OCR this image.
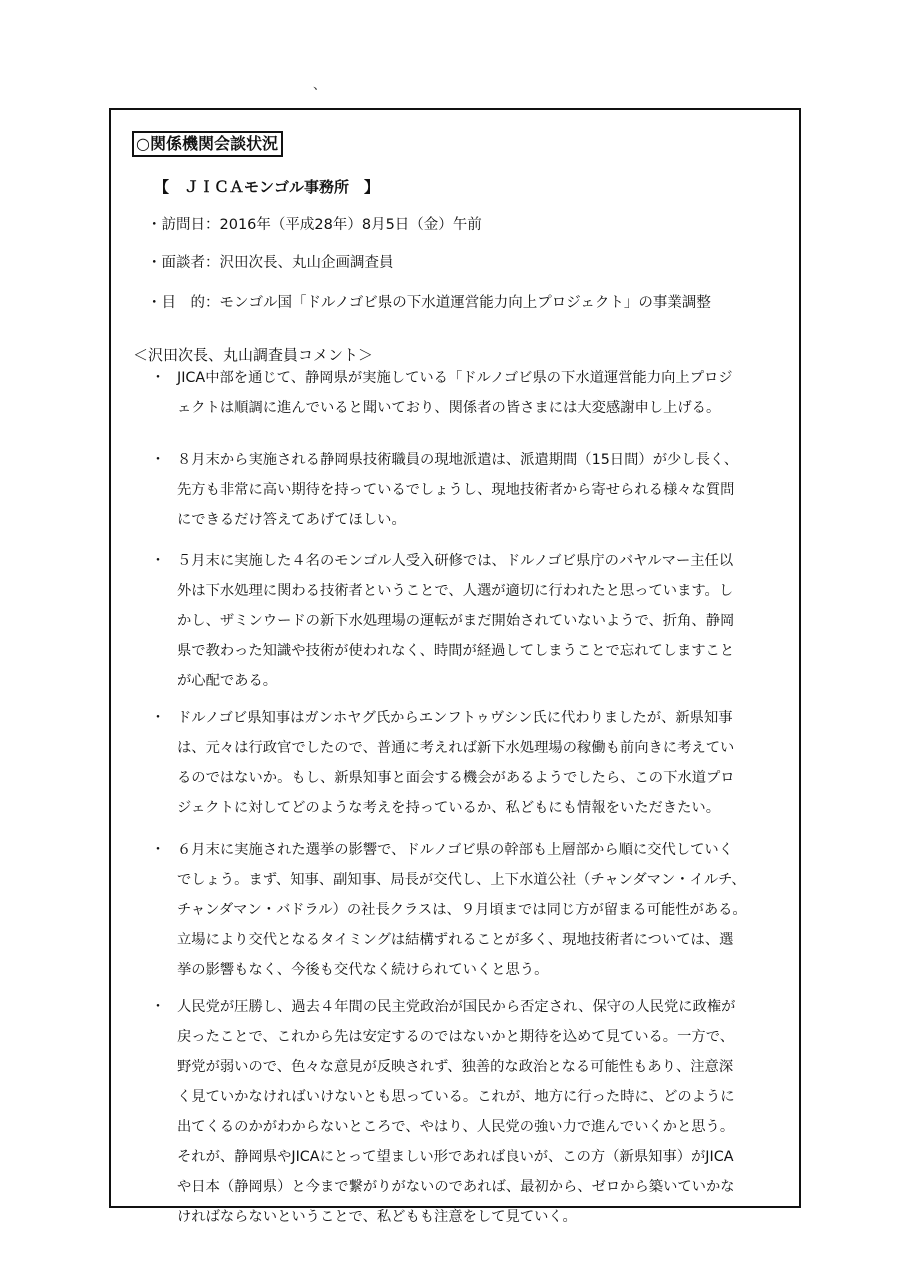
、
○関係機関会談状況
【　ＪＩＣＡモンゴル事務所　】
・訪問日：2016年（平成28年）8月5日（金）午前
・面談者：沢田次長、丸山企画調査員
・目　的：モンゴル国「ドルノゴビ県の下水道運営能力向上プロジェクト」の事業調整
＜沢田次長、丸山調査員コメント＞
・ JICA中部を通じて、静岡県が実施している「ドルノゴビ県の下水道運営能力向上プロジ
ェクトは順調に進んでいると聞いており、関係者の皆さまには大変感謝申し上げる。
・ ８月末から実施される静岡県技術職員の現地派遣は、派遣期間（15日間）が少し長く、
先方も非常に高い期待を持っているでしょうし、現地技術者から寄せられる様々な質問
にできるだけ答えてあげてほしい。
・ ５月末に実施した４名のモンゴル人受入研修では、ドルノゴビ県庁のバヤルマー主任以
外は下水処理に関わる技術者ということで、人選が適切に行われたと思っています。し
かし、ザミンウードの新下水処理場の運転がまだ開始されていないようで、折角、静岡
県で教わった知識や技術が使われなく、時間が経過してしまうことで忘れてしますこと
が心配である。
・ ドルノゴビ県知事はガンホヤグ氏からエンフトゥヴシン氏に代わりましたが、新県知事
は、元々は行政官でしたので、普通に考えれば新下水処理場の稼働も前向きに考えてい
るのではないか。もし、新県知事と面会する機会があるようでしたら、この下水道プロ
ジェクトに対してどのような考えを持っているか、私どもにも情報をいただきたい。
・ ６月末に実施された選挙の影響で、ドルノゴビ県の幹部も上層部から順に交代していく
でしょう。まず、知事、副知事、局長が交代し、上下水道公社（チャンダマン・イルチ、
チャンダマン・バドラル）の社長クラスは、９月頃までは同じ方が留まる可能性がある。
立場により交代となるタイミングは結構ずれることが多く、現地技術者については、選
挙の影響もなく、今後も交代なく続けられていくと思う。
・ 人民党が圧勝し、過去４年間の民主党政治が国民から否定され、保守の人民党に政権が
戻ったことで、これから先は安定するのではないかと期待を込めて見ている。一方で、
野党が弱いので、色々な意見が反映されず、独善的な政治となる可能性もあり、注意深
く見ていかなければいけないとも思っている。これが、地方に行った時に、どのように
出てくるのかがわからないところで、やはり、人民党の強い力で進んでいくかと思う。
それが、静岡県やJICAにとって望ましい形であれば良いが、この方（新県知事）がJICA
や日本（静岡県）と今まで繋がりがないのであれば、最初から、ゼロから築いていかな
ければならないということで、私どもも注意をして見ていく。
